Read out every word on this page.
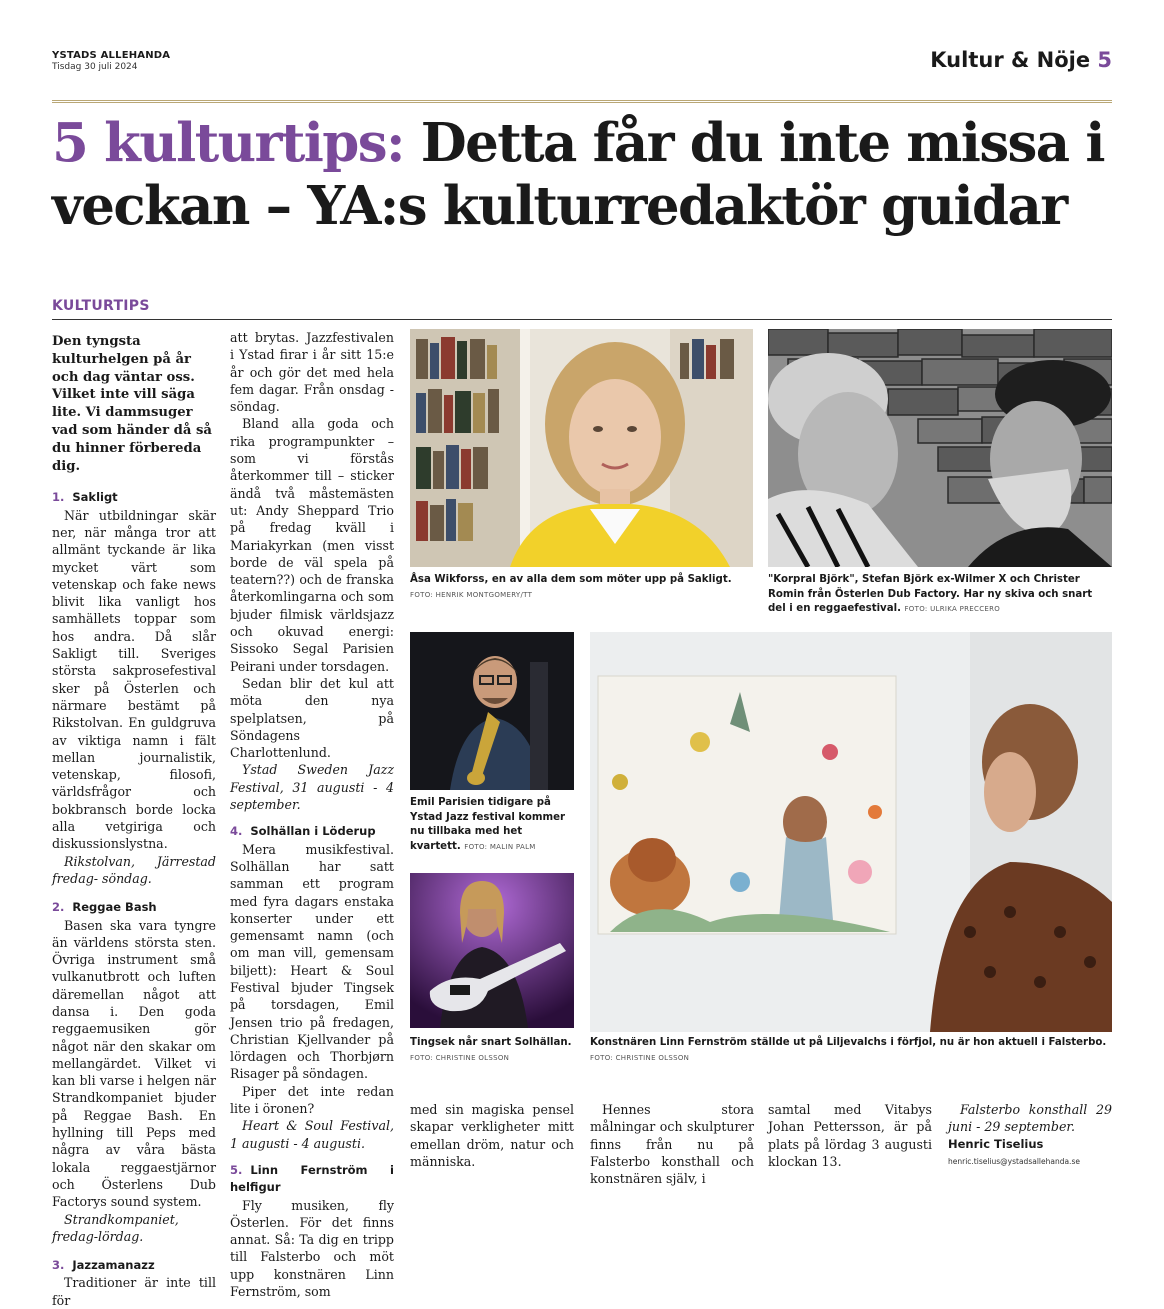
YSTADS ALLEHANDA
Tisdag 30 juli 2024	Kultur & Nöje 5
5 kulturtips: Detta får du inte missa i veckan – YA:s kulturredaktör guidar
KULTURTIPS

Den tyngsta kulturhelgen på år och dag väntar oss. Vilket inte vill säga lite. Vi dammsuger vad som händer då så du hinner förbereda dig.

1. Sakligt

När utbildningar skär ner, när många tror att allmänt tyckande är lika mycket värt som vetenskap och fake news blivit lika vanligt hos samhällets toppar som hos andra. Då slår Sakligt till. Sveriges största sakprosefestival sker på Österlen och närmare bestämt på Rikstolvan. En guldgruva av viktiga namn i fält mellan journalistik, vetenskap, filosofi, världsfrågor och bokbransch borde locka alla vetgiriga och diskussionslystna.

Rikstolvan, Järrestad fredag- söndag.

2. Reggae Bash

Basen ska vara tyngre än världens största sten. Övriga instrument små vulkanutbrott och luften däremellan något att dansa i. Den goda reggaemusiken gör något när den skakar om mellangärdet. Vilket vi kan bli varse i helgen när Strandkompaniet bjuder på Reggae Bash. En hyllning till Peps med några av våra bästa lokala reggaestjärnor och Österlens Dub Factorys sound system.

Strandkompaniet, fredag-lördag.

3. Jazzamanazz

Traditioner är inte till för

att brytas. Jazzfestivalen i Ystad firar i år sitt 15:e år och gör det med hela fem dagar. Från onsdag - söndag.

Bland alla goda och rika programpunkter – som vi förstås återkommer till – sticker ändå två måstemästen ut: Andy Sheppard Trio på fredag kväll i Mariakyrkan (men visst borde de väl spela på teatern??) och de franska återkomlingarna och som bjuder filmisk världsjazz och okuvad energi: Sissoko Segal Parisien Peirani under torsdagen.

Sedan blir det kul att möta den nya spelplatsen, på Söndagens Charlottenlund.

Ystad Sweden Jazz Festival, 31 augusti - 4 september.

4. Solhällan i Löderup

Mera musikfestival. Solhällan har satt samman ett program med fyra dagars enstaka konserter under ett gemensamt namn (och om man vill, gemensam biljett): Heart & Soul Festival bjuder Tingsek på torsdagen, Emil Jensen trio på fredagen, Christian Kjellvander på lördagen och Thorbjørn Risager på söndagen.

Piper det inte redan lite i öronen?

Heart & Soul Festival, 1 augusti - 4 augusti.

5. Linn Fernström i helfigur

Fly musiken, fly Österlen. För det finns annat. Så: Ta dig en tripp till Falsterbo och möt upp konstnären Linn Fernström, som

Åsa Wikforss, en av alla dem som möter upp på Sakligt.
FOTO: HENRIK MONTGOMERY/TT
"Korpral Björk", Stefan Björk ex-Wilmer X och Christer Romin från Österlen Dub Factory. Har ny skiva och snart del i en reggaefestival. FOTO: ULRIKA PRECCERO
Emil Parisien tidigare på Ystad Jazz festival kommer nu tillbaka med het kvartett. FOTO: MALIN PALM
Tingsek når snart Solhällan. FOTO: CHRISTINE OLSSON
Konstnären Linn Fernström ställde ut på Liljevalchs i förfjol, nu är hon aktuell i Falsterbo. FOTO: CHRISTINE OLSSON

med sin magiska pensel skapar verkligheter mitt emellan dröm, natur och människa.

Hennes stora målningar och skulpturer finns från nu på Falsterbo konsthall och konstnären själv, i

samtal med Vitabys Johan Pettersson, är på plats på lördag 3 augusti klockan 13.

Falsterbo konsthall 29 juni - 29 september.

Henric Tiselius

henric.tiselius@ystadsallehanda.se
